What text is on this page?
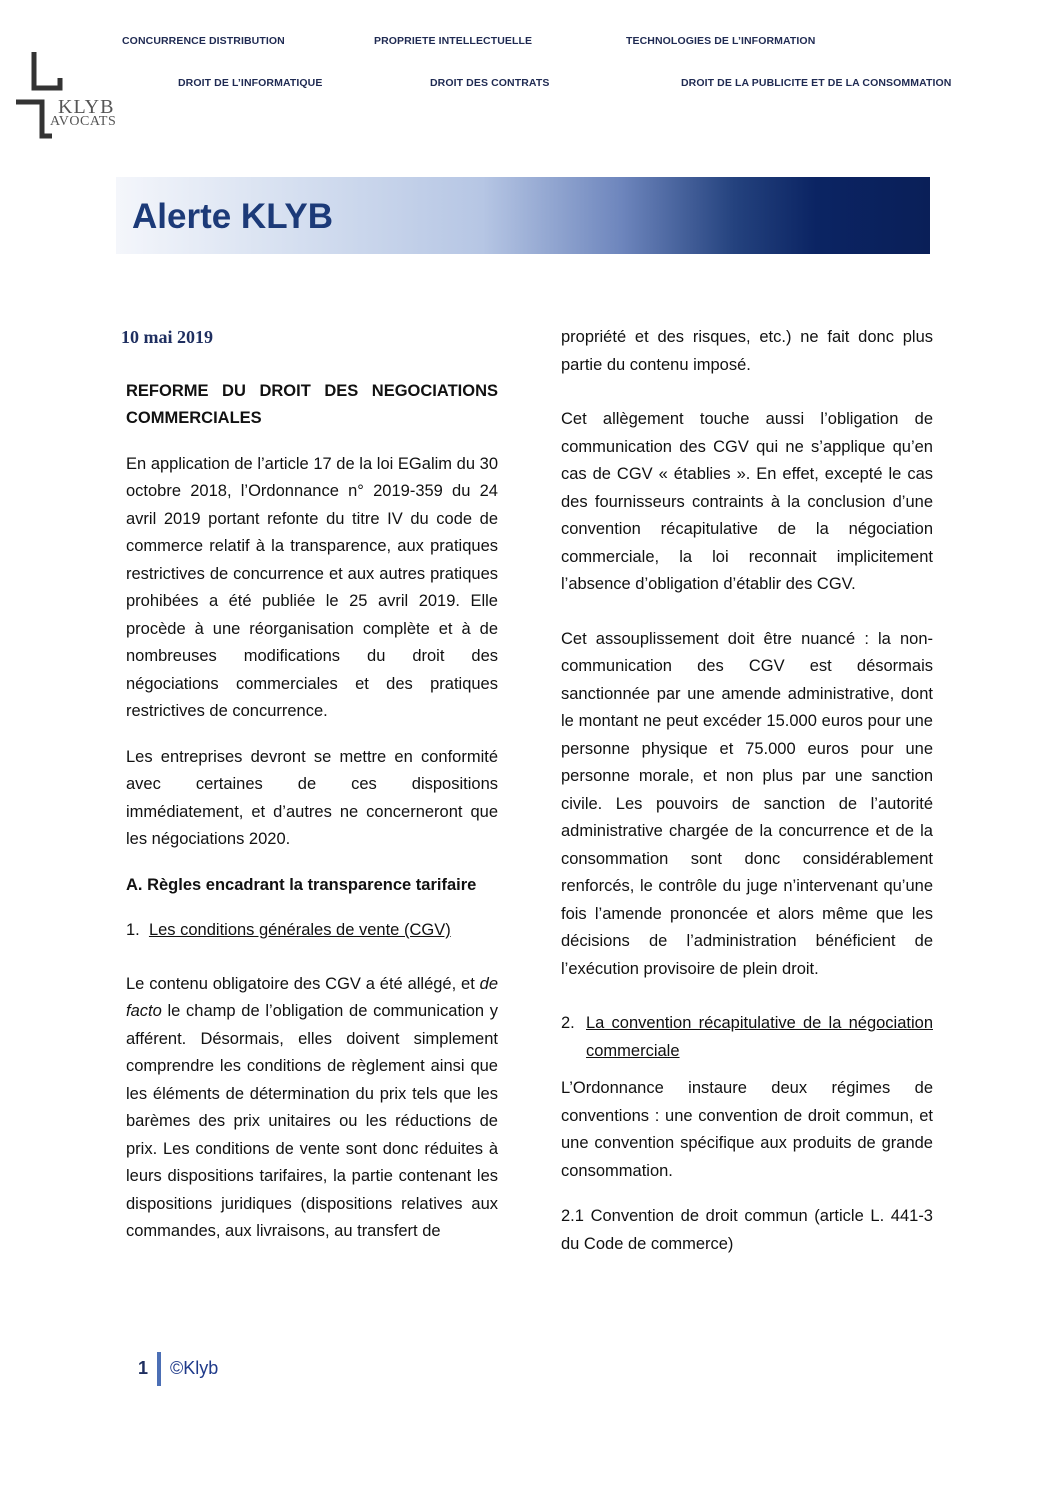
CONCURRENCE DISTRIBUTION	PROPRIETE INTELLECTUELLE	TECHNOLOGIES DE L’INFORMATION
DROIT DE L’INFORMATIQUE	DROIT DES CONTRATS	DROIT DE LA PUBLICITE ET DE LA CONSOMMATION
KLYB
AVOCATS
Alerte KLYB

10 mai 2019

REFORME DU DROIT DES NEGOCIATIONS COMMERCIALES

En application de l’article 17 de la loi EGalim du 30 octobre 2018, l’Ordonnance n° 2019-359 du 24 avril 2019 portant refonte du titre IV du code de commerce relatif à la transparence, aux pratiques restrictives de concurrence et aux autres pratiques prohibées a été publiée le 25 avril 2019. Elle procède à une réorganisation complète et à de nombreuses modifications du droit des négociations commerciales et des pratiques restrictives de concurrence.

Les entreprises devront se mettre en conformité avec certaines de ces dispositions immédiatement, et d’autres ne concerneront que les négociations 2020.

A. Règles encadrant la transparence tarifaire

1. Les conditions générales de vente (CGV)

Le contenu obligatoire des CGV a été allégé, et de facto le champ de l’obligation de communication y afférent. Désormais, elles doivent simplement comprendre les conditions de règlement ainsi que les éléments de détermination du prix tels que les barèmes des prix unitaires ou les réductions de prix. Les conditions de vente sont donc réduites à leurs dispositions tarifaires, la partie contenant les dispositions juridiques (dispositions relatives aux commandes, aux livraisons, au transfert de

propriété et des risques, etc.) ne fait donc plus partie du contenu imposé.

Cet allègement touche aussi l’obligation de communication des CGV qui ne s’applique qu’en cas de CGV « établies ». En effet, excepté le cas des fournisseurs contraints à la conclusion d’une convention récapitulative de la négociation commerciale, la loi reconnait implicitement l’absence d’obligation d’établir des CGV.

Cet assouplissement doit être nuancé : la non-communication des CGV est désormais sanctionnée par une amende administrative, dont le montant ne peut excéder 15.000 euros pour une personne physique et 75.000 euros pour une personne morale, et non plus par une sanction civile. Les pouvoirs de sanction de l’autorité administrative chargée de la concurrence et de la consommation sont donc considérablement renforcés, le contrôle du juge n’intervenant qu’une fois l’amende prononcée et alors même que les décisions de l’administration bénéficient de l’exécution provisoire de plein droit.

2. La convention récapitulative de la négociation commerciale

L’Ordonnance instaure deux régimes de conventions : une convention de droit commun, et une convention spécifique aux produits de grande consommation.

2.1 Convention de droit commun (article L. 441-3 du Code de commerce)

1 ©Klyb
